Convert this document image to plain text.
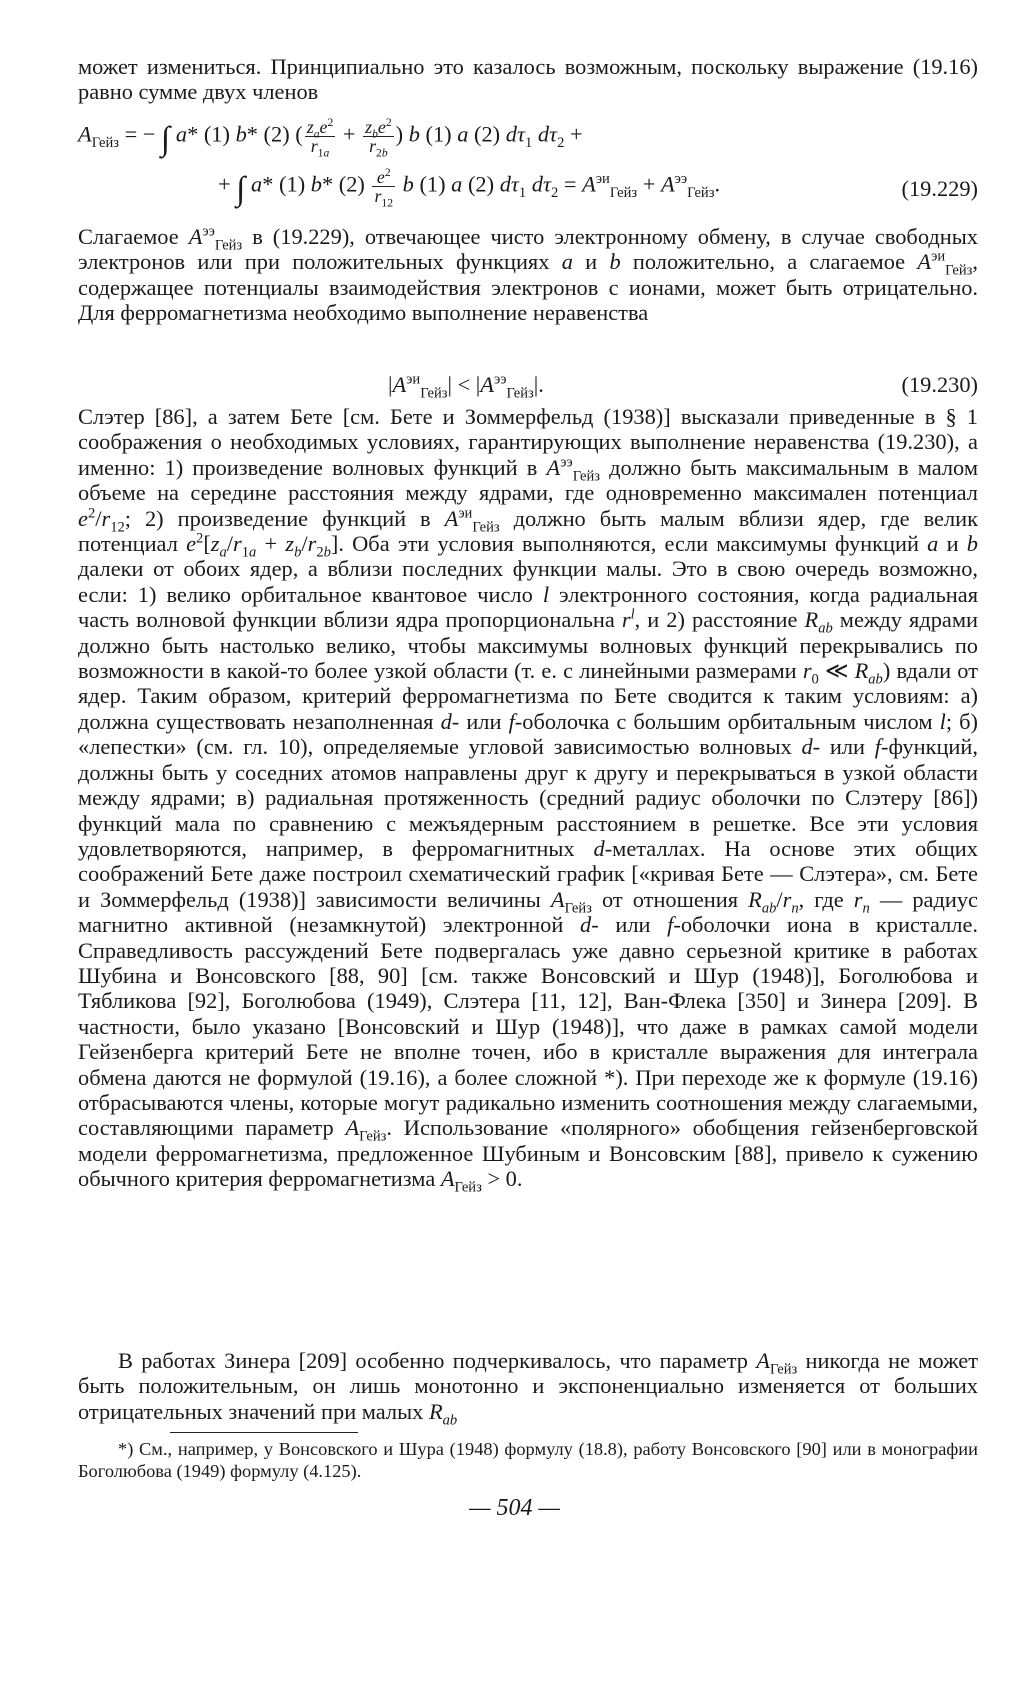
может измениться. Принципиально это казалось возможным, поскольку выражение (19.16) равно сумме двух членов

$A_{Гейз}$ = − ∫ a* (1) b* (2) ( $\frac{z_ae^2}{r_{1a}} + \frac{z_be^2}{r_{2b}}$ ) b (1) a (2) $d\tau_1$ $d\tau_2$ +
+ ∫ a* (1) b* $(2) \frac{e^2}{r_{12}}$ b (1) a (2) $d\tau_1$ $d\tau_2 = A^{эи}_{Гейз} + A^{ээ}_{Гейз}$.	(19.229)

Слагаемое $A^{ээ}_{Гейз}$ в (19.229), отвечающее чисто электронному обмену, в случае свободных электронов или при положительных функциях a и b положительно, а слагаемое $A^{эи}_{Гейз}$, содержащее потенциалы взаимодействия электронов с ионами, может быть отрицательно. Для ферромагнетизма необходимо выполнение неравенства

$|A^{эи}_{Гейз}| < |A^{ээ}_{Гейз}|$.	(19.230)

Слэтер [86], а затем Бете [см. Бете и Зоммерфельд (1938)] высказали приведенные в § 1 соображения о необходимых условиях, гарантирующих выполнение неравенства (19.230), а именно: 1) произведение волновых функций в $A^{ээ}_{Гейз}$ должно быть максимальным в малом объеме на середине расстояния между ядрами, где одновременно максимален потенциал $e^2/r_{12}$; 2) произведение функций в $A^{эи}_{Гейз}$ должно быть малым вблизи ядер, где велик потенциал $e^2[z_a/r_{1a} + z_b/r_{2b}]$. Оба эти условия выполняются, если максимумы функций a и b далеки от обоих ядер, а вблизи последних функции малы. Это в свою очередь возможно, если: 1) велико орбитальное квантовое число l электронного состояния, когда радиальная часть волновой функции вблизи ядра пропорциональна $r^l$, и 2) расстояние $R_{ab}$ между ядрами должно быть настолько велико, чтобы максимумы волновых функций перекрывались по возможности в какой-то более узкой области (т. е. с линейными размерами $r_0$ ≪ $R_{ab}$) вдали от ядер. Таким образом, критерий ферромагнетизма по Бете сводится к таким условиям: а) должна существовать незаполненная d- или f-оболочка с большим орбитальным числом l; б) «лепестки» (см. гл. 10), определяемые угловой зависимостью волновых d- или f-функций, должны быть у соседних атомов направлены друг к другу и перекрываться в узкой области между ядрами; в) радиальная протяженность (средний радиус оболочки по Слэтеру [86]) функций мала по сравнению с межъядерным расстоянием в решетке. Все эти условия удовлетворяются, например, в ферромагнитных d-металлах. На основе этих общих соображений Бете даже построил схематический график [«кривая Бете — Слэтера», см. Бете и Зоммерфельд (1938)] зависимости величины $A_{Гейз}$ от отношения $R_{ab}/r_n$, где $r_n$ — радиус магнитно активной (незамкнутой) электронной d- или f-оболочки иона в кристалле. Справедливость рассуждений Бете подвергалась уже давно серьезной критике в работах Шубина и Вонсовского [88, 90] [см. также Вонсовский и Шур (1948)], Боголюбова и Тябликова [92], Боголюбова (1949), Слэтера [11, 12], Ван-Флека [350] и Зинера [209]. В частности, было указано [Вонсовский и Шур (1948)], что даже в рамках самой модели Гейзенберга критерий Бете не вполне точен, ибо в кристалле выражения для интеграла обмена даются не формулой (19.16), а более сложной *). При переходе же к формуле (19.16) отбрасываются члены, которые могут радикально изменить соотношения между слагаемыми, составляющими параметр $A_{Гейз}$. Использование «полярного» обобщения гейзенберговской модели ферромагнетизма, предложенное Шубиным и Вонсовским [88], привело к сужению обычного критерия ферромагнетизма $A_{Гейз} > 0$.

В работах Зинера [209] особенно подчеркивалось, что параметр $A_{Гейз}$ никогда не может быть положительным, он лишь монотонно и экспоненциально изменяется от больших отрицательных значений при малых $R_{ab}$

*) См., например, у Вонсовского и Шура (1948) формулу (18.8), работу Вонсовского [90] или в монографии Боголюбова (1949) формулу (4.125).

— 504 —
